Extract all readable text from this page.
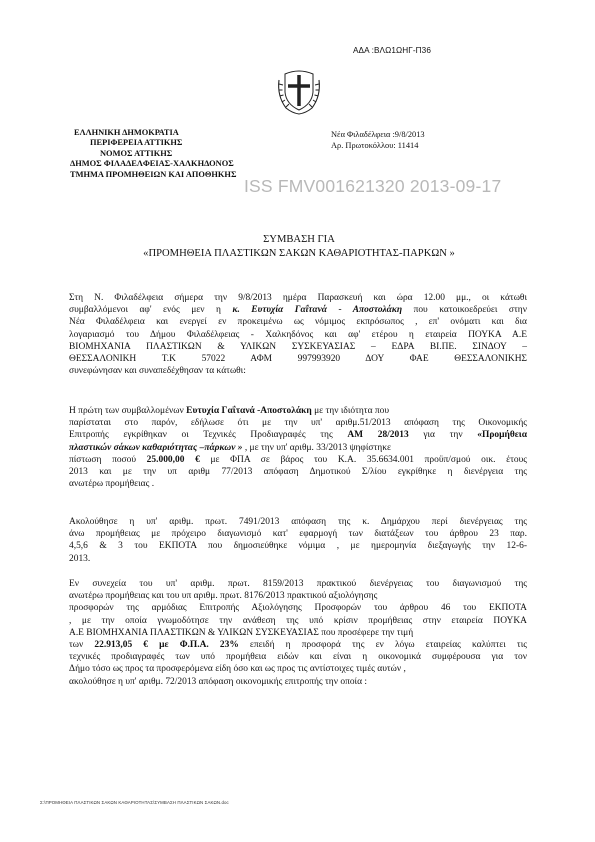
ΑΔΑ :ΒΛΩ1ΩΗΓ-Π36
ΕΛΛΗΝΙΚΗ ΔΗΜΟΚΡΑΤΙΑ
ΠΕΡΙΦΕΡΕΙΑ ΑΤΤΙΚΗΣ
ΝΟΜΟΣ ΑΤΤΙΚΗΣ
ΔΗΜΟΣ ΦΙΛΑΔΕΛΦΕΙΑΣ-ΧΑΛΚΗΔΟΝΟΣ
ΤΜΗΜΑ ΠΡΟΜΗΘΕΙΩΝ ΚΑΙ ΑΠΟΘΗΚΗΣ
Νέα Φιλαδέλφεια :9/8/2013
Αρ. Πρωτοκόλλου: 11414
ISS FMV001621320 2013-09-17
ΣΥΜΒΑΣΗ ΓΙΑ
«ΠΡΟΜΗΘΕΙΑ ΠΛΑΣΤΙΚΩΝ ΣΑΚΩΝ ΚΑΘΑΡΙΟΤΗΤΑΣ-ΠΑΡΚΩΝ »
Στη Ν. Φιλαδέλφεια σήμερα την 9/8/2013 ημέρα Παρασκευή και ώρα 12.00 μμ., οι κάτωθι
συμβαλλόμενοι αφ' ενός μεν η κ. Ευτυχία Γαΐτανά - Αποστολάκη που κατοικοεδρεύει στην
Νέα Φιλαδέλφεια και ενεργεί εν προκειμένω ως νόμιμος εκπρόσωπος , επ' ονόματι και δια
λογαριασμό του Δήμου Φιλαδέλφειας - Χαλκηδόνος και αφ' ετέρου η εταιρεία ΠΟΥΚΑ Α.Ε
ΒΙΟΜΗΧΑΝΙΑ ΠΛΑΣΤΙΚΩΝ & ΥΛΙΚΩΝ ΣΥΣΚΕΥΑΣΙΑΣ – ΕΔΡΑ ΒΙ.ΠΕ. ΣΙΝΔΟΥ –
ΘΕΣΣΑΛΟΝΙΚΗ Τ.Κ 57022 ΑΦΜ 997993920 ΔΟΥ ΦΑΕ ΘΕΣΣΑΛΟΝΙΚΗΣ
συνεφώνησαν και συναπεδέχθησαν τα κάτωθι:
Η πρώτη των συμβαλλομένων Ευτυχία Γαΐτανά -Αποστολάκη με την ιδιότητα που
παρίσταται στο παρόν, εδήλωσε ότι με την υπ' αριθμ.51/2013 απόφαση της Οικονομικής
Επιτροπής εγκρίθηκαν οι Τεχνικές Προδιαγραφές της ΑΜ 28/2013 για την «Προμήθεια
πλαστικών σάκων καθαριότητας –πάρκων » , με την υπ' αριθμ. 33/2013 ψηφίστηκε
πίστωση ποσού 25.000,00 € με ΦΠΑ σε βάρος του Κ.Α. 35.6634.001 προϋπ/σμού οικ. έτους
2013 και με την υπ αριθμ 77/2013 απόφαση Δημοτικού Σ/λίου εγκρίθηκε η διενέργεια της
ανωτέρω προμήθειας .
Ακολούθησε η υπ' αριθμ. πρωτ. 7491/2013 απόφαση της κ. Δημάρχου περί διενέργειας της
άνω προμήθειας με πρόχειρο διαγωνισμό κατ' εφαρμογή των διατάξεων του άρθρου 23 παρ.
4,5,6 & 3 του ΕΚΠΟΤΑ που δημοσιεύθηκε νόμιμα , με ημερομηνία διεξαγωγής την 12-6-
2013.
Εν συνεχεία του υπ' αριθμ. πρωτ. 8159/2013 πρακτικού διενέργειας του διαγωνισμού της
ανωτέρω προμήθειας και του υπ αριθμ. πρωτ. 8176/2013 πρακτικού αξιολόγησης
προσφορών της αρμόδιας Επιτροπής Αξιολόγησης Προσφορών του άρθρου 46 του ΕΚΠΟΤΑ
, με την οποία γνωμοδότησε την ανάθεση της υπό κρίσιν προμήθειας στην εταιρεία ΠΟΥΚΑ
Α.Ε ΒΙΟΜΗΧΑΝΙΑ ΠΛΑΣΤΙΚΩΝ & ΥΛΙΚΩΝ ΣΥΣΚΕΥΑΣΙΑΣ που προσέφερε την τιμή
των 22.913,05 € με Φ.Π.Α. 23% επειδή η προσφορά της εν λόγω εταιρείας καλύπτει τις
τεχνικές προδιαγραφές των υπό προμήθεια ειδών και είναι η οικονομικά συμφέρουσα για τον
Δήμο τόσο ως προς τα προσφερόμενα είδη όσο και ως προς τις αντίστοιχες τιμές αυτών ,
ακολούθησε η υπ' αριθμ. 72/2013 απόφαση οικονομικής επιτροπής την οποία :
Σ:\ΠΡΟΜΗΘΕΙΑ ΠΛΑΣΤΙΚΩΝ ΣΑΚΩΝ ΚΑΘΑΡΙΟΤΗΤΑΣ\ΣΥΜΒΑΣΗ ΠΛΑΣΤΙΚΩΝ ΣΑΚΩΝ.doc
